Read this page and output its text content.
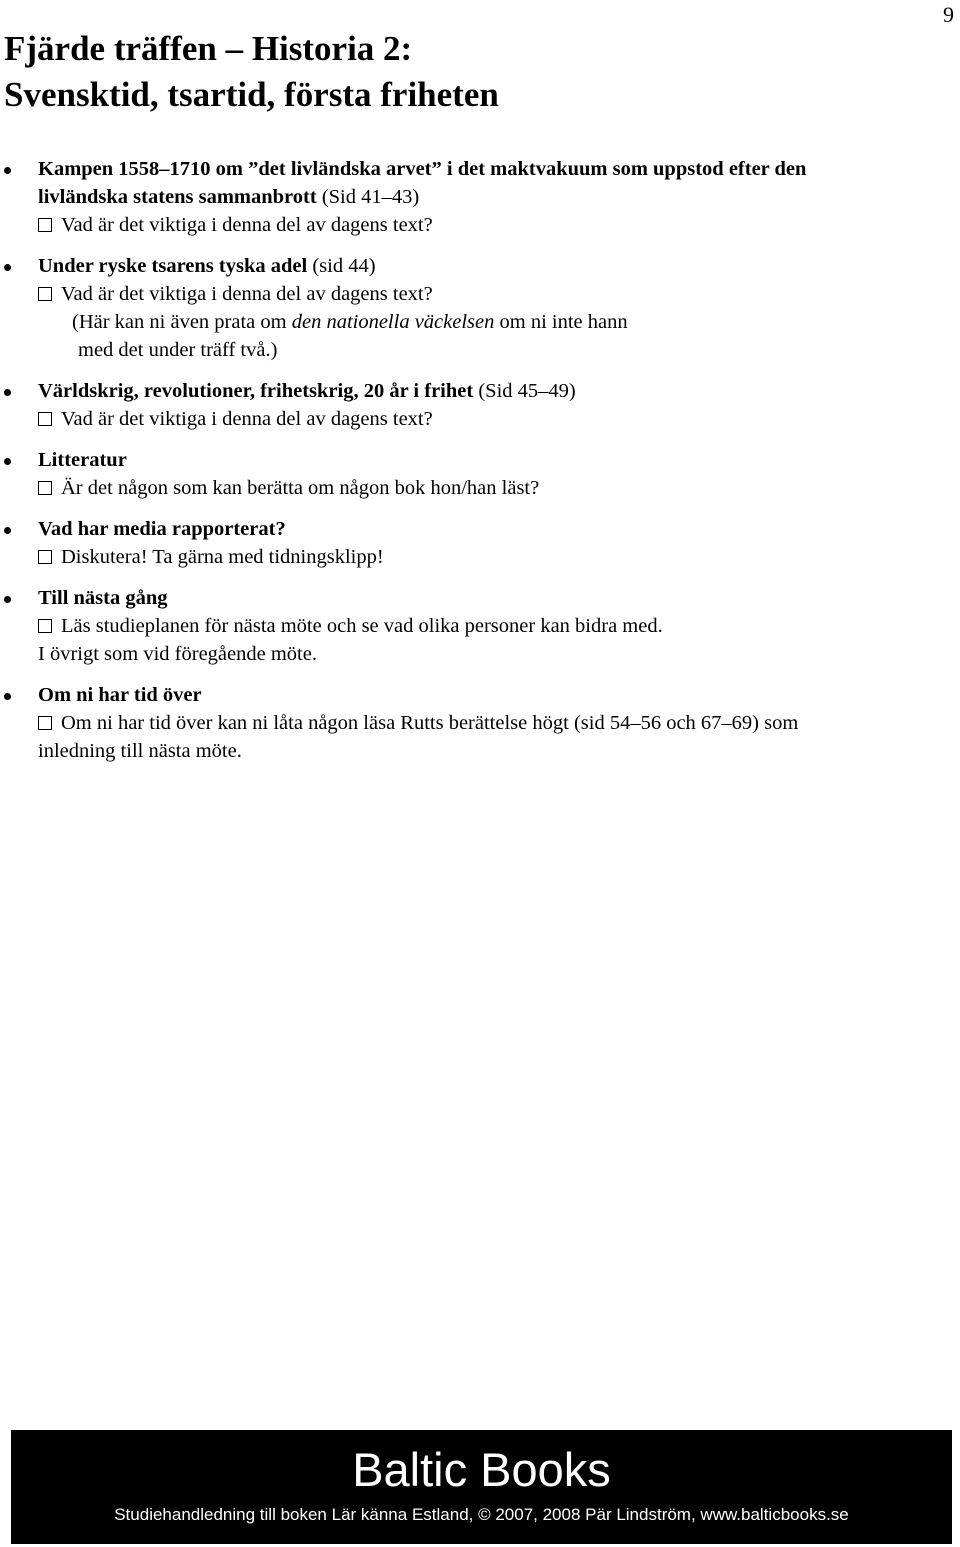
9
Fjärde träffen – Historia 2:
Svensktid, tsartid, första friheten
Kampen 1558–1710 om ”det livländska arvet” i det maktvakuum som uppstod efter den
livländska statens sammanbrott (Sid 41–43)
Vad är det viktiga i denna del av dagens text?
Under ryske tsarens tyska adel (sid 44)
Vad är det viktiga i denna del av dagens text?
(Här kan ni även prata om den nationella väckelsen om ni inte hann
med det under träff två.)
Världskrig, revolutioner, frihetskrig, 20 år i frihet (Sid 45–49)
Vad är det viktiga i denna del av dagens text?
Litteratur
Är det någon som kan berätta om någon bok hon/han läst?
Vad har media rapporterat?
Diskutera! Ta gärna med tidningsklipp!
Till nästa gång
Läs studieplanen för nästa möte och se vad olika personer kan bidra med.
I övrigt som vid föregående möte.
Om ni har tid över
Om ni har tid över kan ni låta någon läsa Rutts berättelse högt (sid 54–56 och 67–69) som
inledning till nästa möte.
Baltic Books
Studiehandledning till boken Lär känna Estland, © 2007, 2008 Pär Lindström, www.balticbooks.se
